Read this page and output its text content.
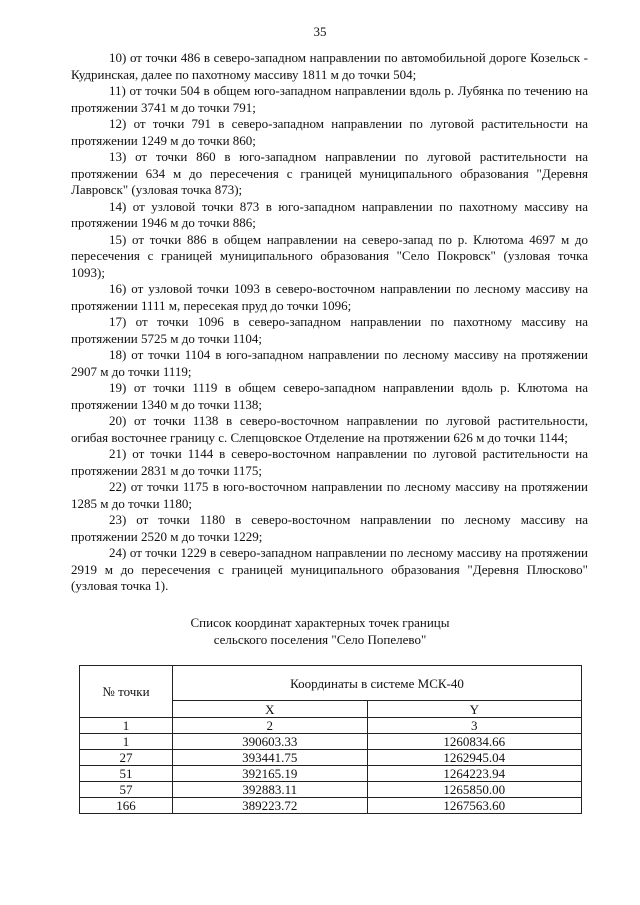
35

10) от точки 486 в северо-западном направлении по автомобильной дороге Козельск - Кудринская, далее по пахотному массиву 1811 м до точки 504;

11) от точки 504 в общем юго-западном направлении вдоль р. Лубянка по течению на протяжении 3741 м до точки 791;

12) от точки 791 в северо-западном направлении по луговой растительности на протяжении 1249 м до точки 860;

13) от точки 860 в юго-западном направлении по луговой растительности на протяжении 634 м до пересечения с границей муниципального образования "Деревня Лавровск" (узловая точка 873);

14) от узловой точки 873 в юго-западном направлении по пахотному массиву на протяжении 1946 м до точки 886;

15) от точки 886 в общем направлении на северо-запад по р. Клютома 4697 м до пересечения с границей муниципального образования "Село Покровск" (узловая точка 1093);

16) от узловой точки 1093 в северо-восточном направлении по лесному массиву на протяжении 1111 м, пересекая пруд до точки 1096;

17) от точки 1096 в северо-западном направлении по пахотному массиву на протяжении 5725 м до точки 1104;

18) от точки 1104 в юго-западном направлении по лесному массиву на протяжении 2907 м до точки 1119;

19) от точки 1119 в общем северо-западном направлении вдоль р. Клютома на протяжении 1340 м до точки 1138;

20) от точки 1138 в северо-восточном направлении по луговой растительности, огибая восточнее границу с. Слепцовское Отделение на протяжении 626 м до точки 1144;

21) от точки 1144 в северо-восточном направлении по луговой растительности на протяжении 2831 м до точки 1175;

22) от точки 1175 в юго-восточном направлении по лесному массиву на протяжении 1285 м до точки 1180;

23) от точки 1180 в северо-восточном направлении по лесному массиву на протяжении 2520 м до точки 1229;

24) от точки 1229 в северо-западном направлении по лесному массиву на протяжении 2919 м до пересечения с границей муниципального образования "Деревня Плюсково" (узловая точка 1).

Список координат характерных точек границы
сельского поселения "Село Попелево"
№ точки	Координаты в системе МСК-40	
	X	Y
1	2	3
1	390603.33	1260834.66
27	393441.75	1262945.04
51	392165.19	1264223.94
57	392883.11	1265850.00
166	389223.72	1267563.60
